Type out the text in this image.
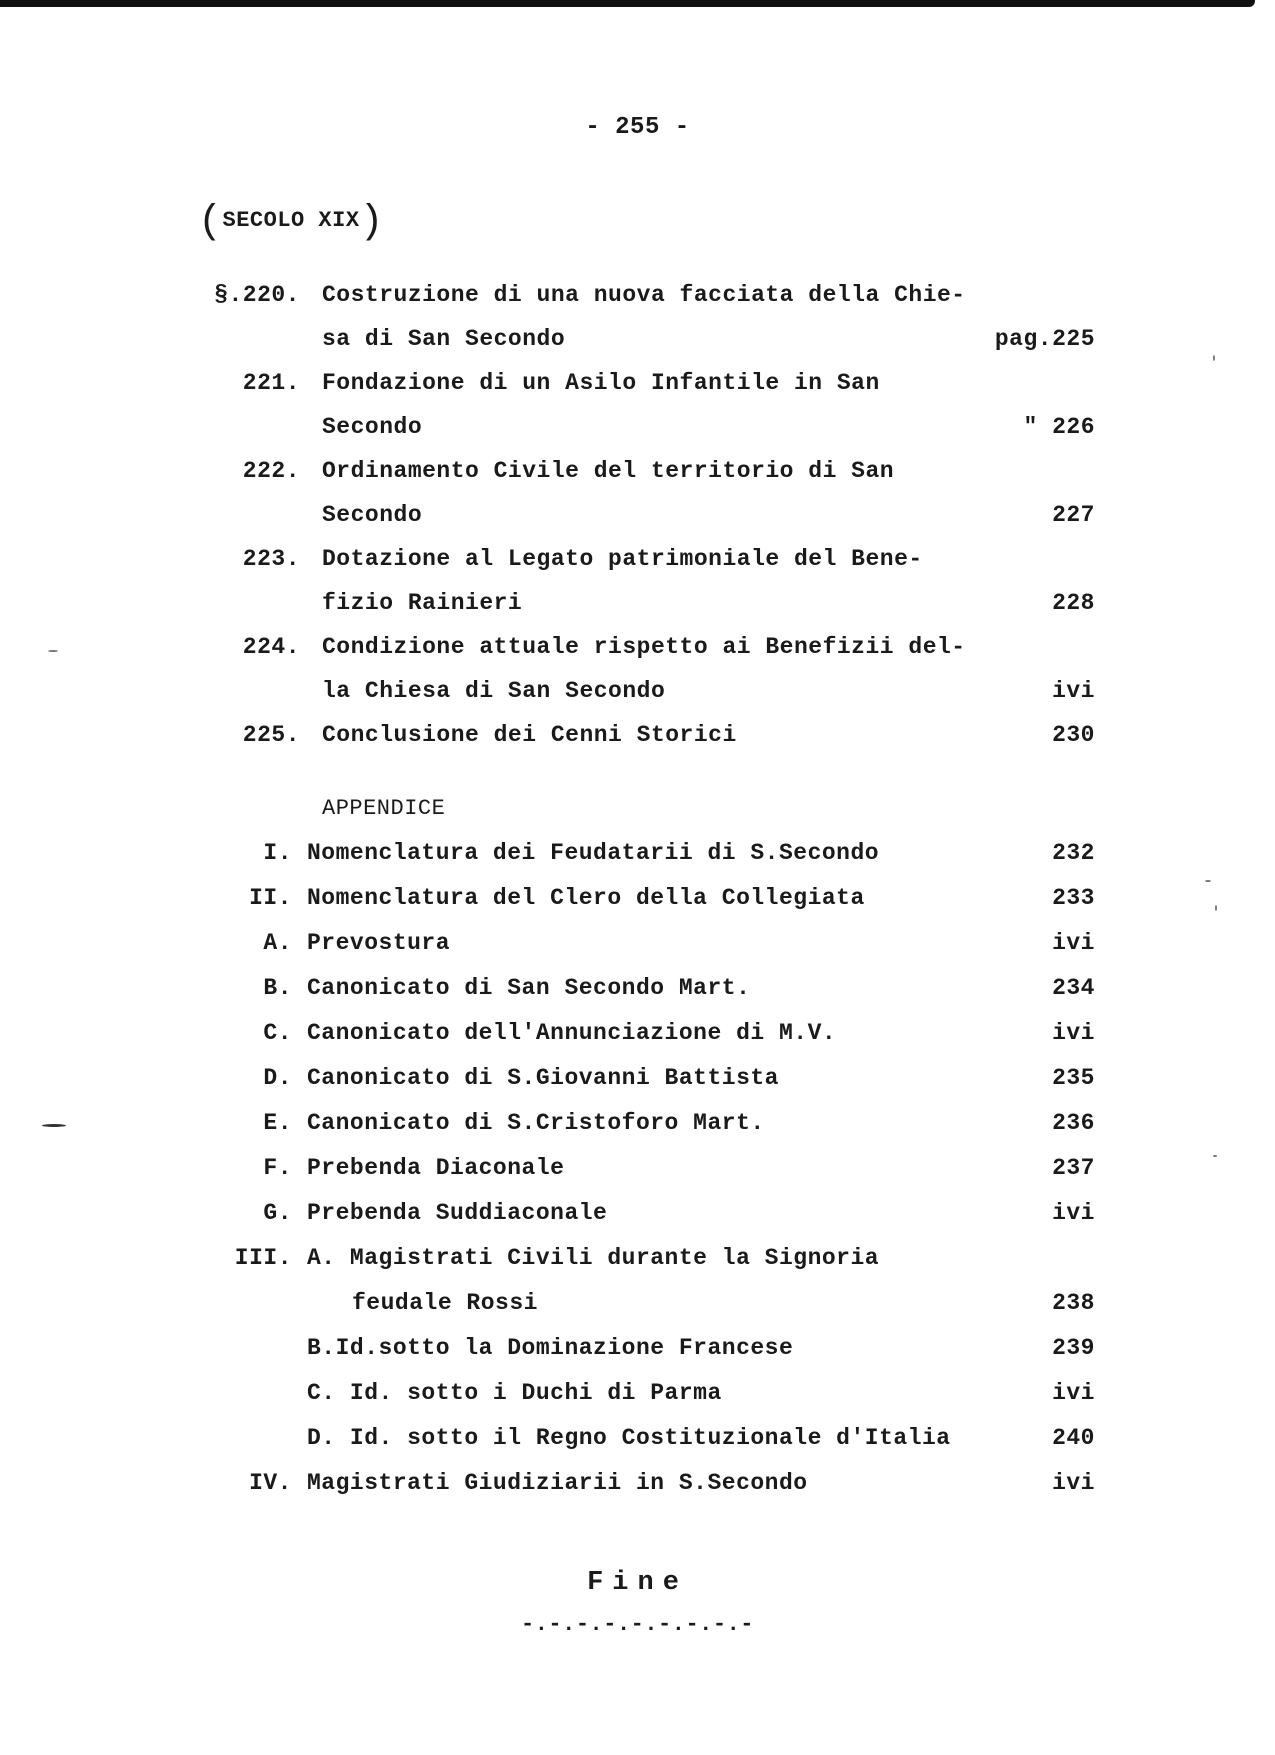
- 255 -
(SECOLO XIX)
§.220. Costruzione di una nuova facciata della Chie-
sa di San Secondo	pag.225
221. Fondazione di un Asilo Infantile in San
Secondo	" 226
222. Ordinamento Civile del territorio di San
Secondo	227
223. Dotazione al Legato patrimoniale del Bene-
fizio Rainieri	228
224. Condizione attuale rispetto ai Benefizii del-
la Chiesa di San Secondo	ivi
225. Conclusione dei Cenni Storici	230
APPENDICE
I. Nomenclatura dei Feudatarii di S.Secondo	232
II. Nomenclatura del Clero della Collegiata	233
A. Prevostura	ivi
B. Canonicato di San Secondo Mart.	234
C. Canonicato dell'Annunciazione di M.V.	ivi
D. Canonicato di S.Giovanni Battista	235
E. Canonicato di S.Cristoforo Mart.	236
F. Prebenda Diaconale	237
G. Prebenda Suddiaconale	ivi
III. A. Magistrati Civili durante la Signoria
feudale Rossi	238
B.Id.sotto la Dominazione Francese	239
C. Id. sotto i Duchi di Parma	ivi
D. Id. sotto il Regno Costituzionale d'Italia	240
IV. Magistrati Giudiziarii in S.Secondo	ivi
Fine
-.-.-.-.-.-.-.-.-
